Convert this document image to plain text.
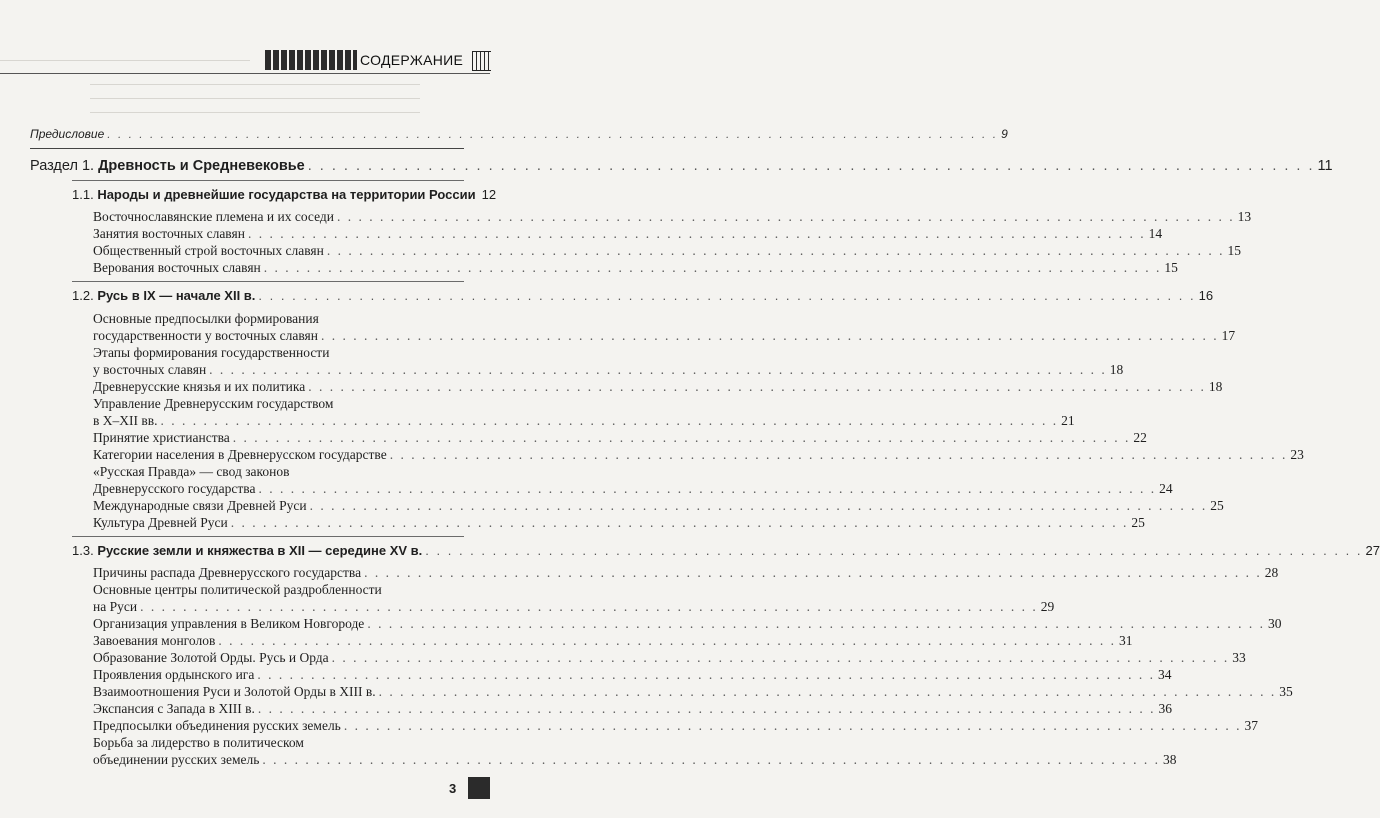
СОДЕРЖАНИЕ
Предисловие . . .	9
Раздел 1. Древность и Средневековье . . .	11
1.1. Народы и древнейшие государства на территории России 12
Восточнославянские племена и их соседи . . .	13
Занятия восточных славян . . .	14
Общественный строй восточных славян . . .	15
Верования восточных славян . . .	15
1.2. Русь в IX — начале XII в. . . .	16
Основные предпосылки формирования
государственности у восточных славян . . .	17
Этапы формирования государственности
у восточных славян . . .	18
Древнерусские князья и их политика . . .	18
Управление Древнерусским государством
в X–XII вв. . . .	21
Принятие христианства . . .	22
Категории населения в Древнерусском государстве . . .	23
«Русская Правда» — свод законов
Древнерусского государства . . .	24
Международные связи Древней Руси . . .	25
Культура Древней Руси . . .	25
1.3. Русские земли и княжества в XII — середине XV в. . . .	27
Причины распада Древнерусского государства . . .	28
Основные центры политической раздробленности
на Руси . . .	29
Организация управления в Великом Новгороде . . .	30
Завоевания монголов . . .	31
Образование Золотой Орды. Русь и Орда . . .	33
Проявления ордынского ига . . .	34
Взаимоотношения Руси и Золотой Орды в XIII в. . . .	35
Экспансия с Запада в XIII в. . . .	36
Предпосылки объединения русских земель . . .	37
Борьба за лидерство в политическом
объединении русских земель . . .	38
3
